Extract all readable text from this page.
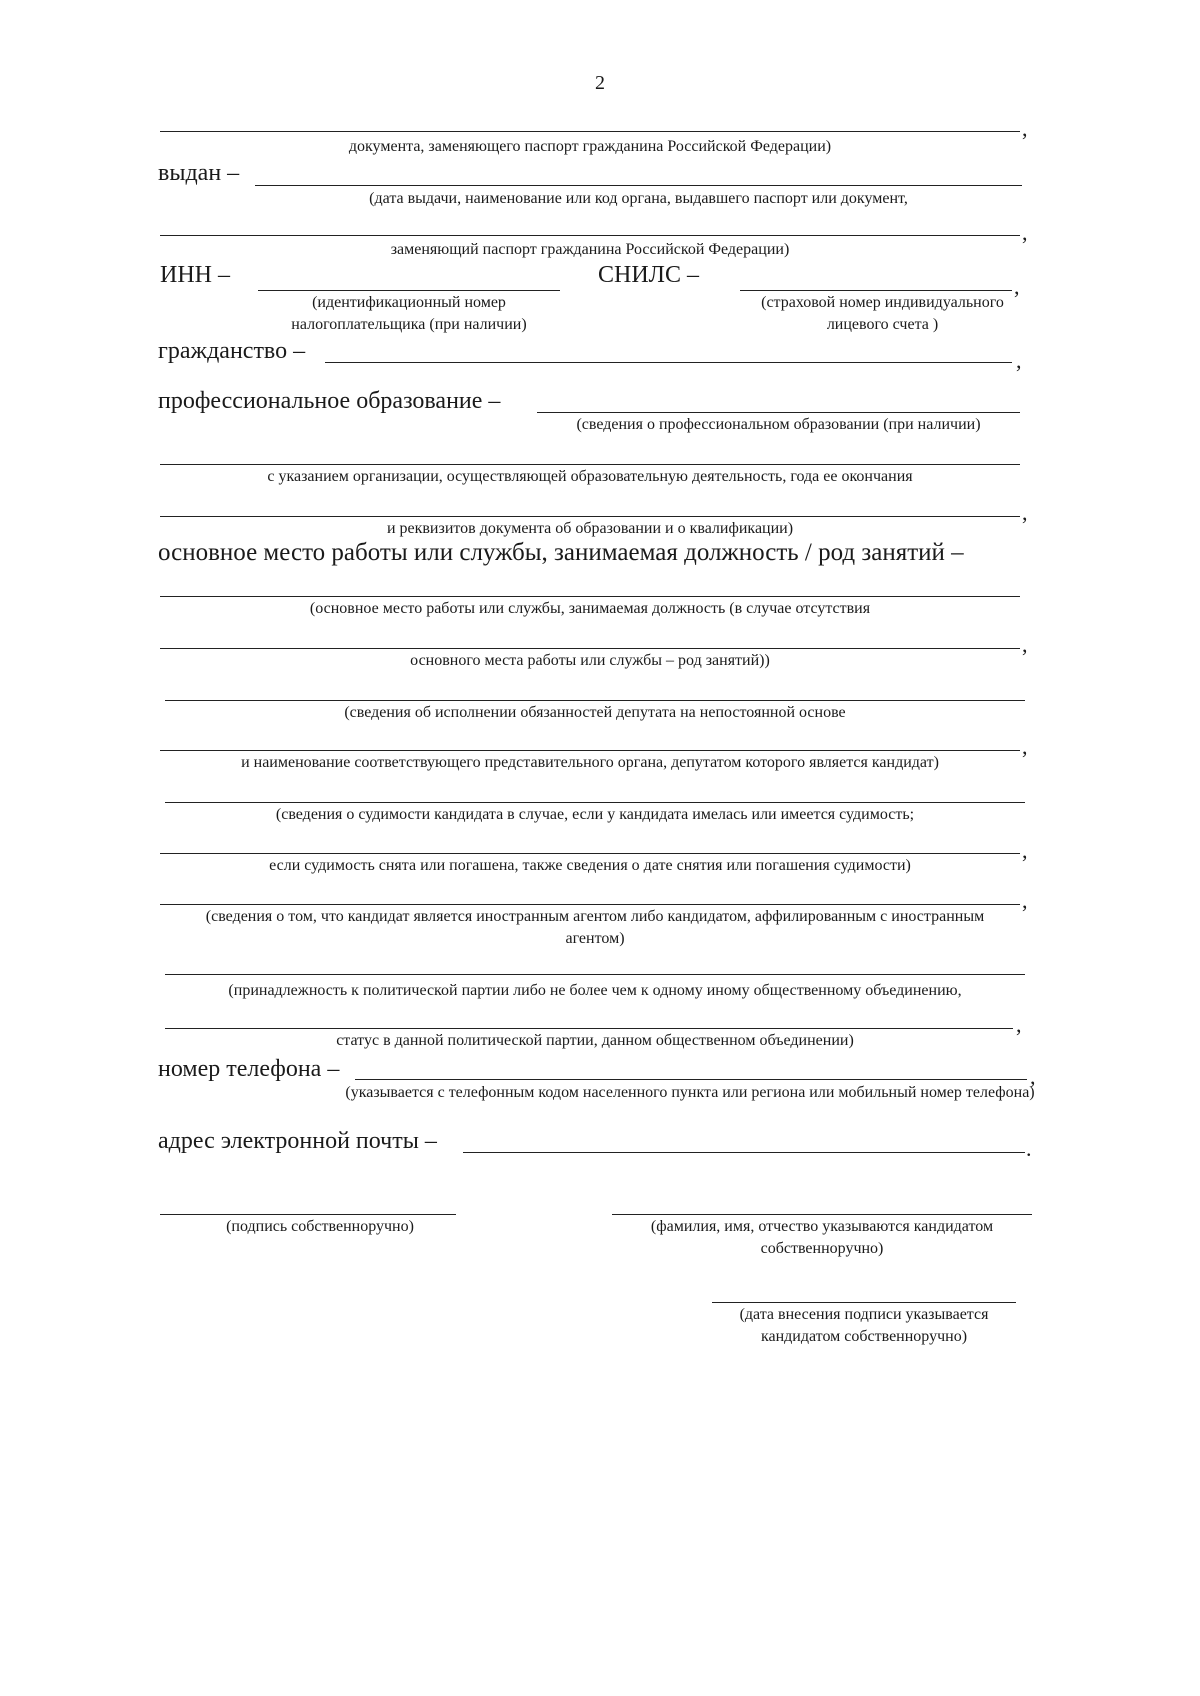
2
,
документа, заменяющего паспорт гражданина Российской Федерации)
выдан –
(дата выдачи, наименование или код органа, выдавшего паспорт или документ,
,
заменяющий паспорт гражданина Российской Федерации)
ИНН –
(идентификационный номер налогоплательщика (при наличии)
СНИЛС –	,
(страховой номер индивидуального лицевого счета )
гражданство –	,
профессиональное образование –
(сведения о профессиональном образовании (при наличии)
с указанием организации, осуществляющей образовательную деятельность, года ее окончания
,
и реквизитов документа об образовании и о квалификации)
основное место работы или службы, занимаемая должность / род занятий –
(основное место работы или службы, занимаемая должность (в случае отсутствия
,
основного места работы или службы – род занятий))
(сведения об исполнении обязанностей депутата на непостоянной основе
,
и наименование соответствующего представительного органа, депутатом которого является кандидат)
(сведения о судимости кандидата в случае, если у кандидата имелась или имеется судимость;
,
если судимость снята или погашена, также сведения о дате снятия или погашения судимости)
,
(сведения о том, что кандидат является иностранным агентом либо кандидатом, аффилированным с иностранным агентом)
(принадлежность к политической партии либо не более чем к одному иному общественному объединению,
,
статус в данной политической партии, данном общественном объединении)
номер телефона –	,
(указывается с телефонным кодом населенного пункта или региона или мобильный номер телефона)
адрес электронной почты –	.
(подпись собственноручно)	(фамилия, имя, отчество указываются кандидатом собственноручно)
(дата внесения подписи указывается кандидатом собственноручно)
